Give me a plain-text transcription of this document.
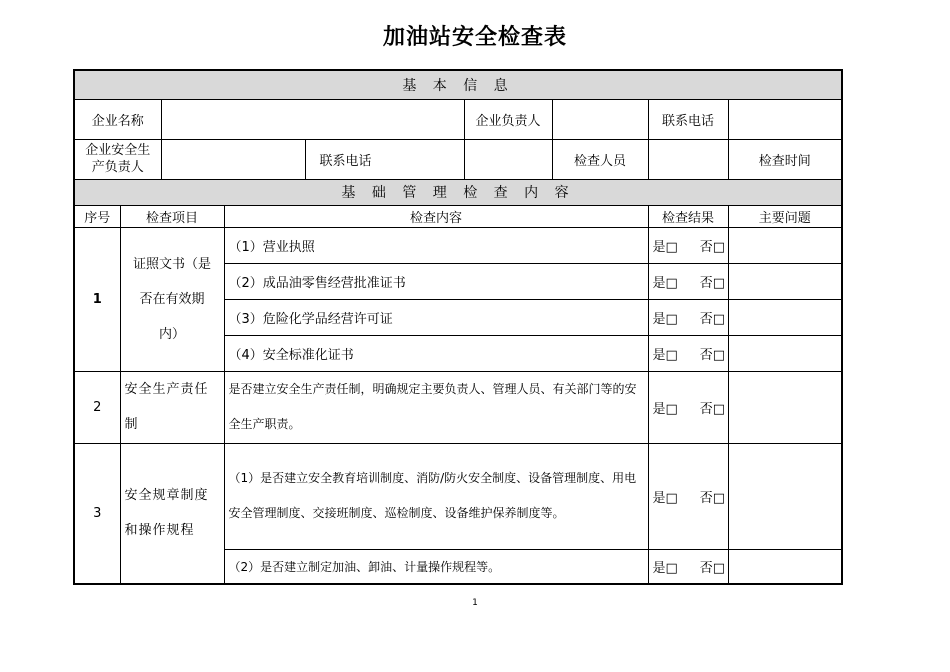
加油站安全检查表
基 本 信 息								
企业名称					企业负责人		联系电话	
企业安全生产负责人				联系电话		检查人员		检查时间
基 础 管 理 检 查 内 容								
序号	检查项目		检查内容				检查结果	主要问题
1	证照文书（是否在有效期内）		（1）营业执照				是□ 否□	
			（2）成品油零售经营批准证书				是□ 否□	
			（3）危险化学品经营许可证				是□ 否□	
			（4）安全标准化证书				是□ 否□	
2	安全生产责任制		是否建立安全生产责任制，明确规定主要负责人、管理人员、有关部门等的安全生产职责。				是□ 否□	
3	安全规章制度和操作规程		（1）是否建立安全教育培训制度、消防/防火安全制度、设备管理制度、用电安全管理制度、交接班制度、巡检制度、设备维护保养制度等。				是□ 否□	
			（2）是否建立制定加油、卸油、计量操作规程等。				是□ 否□	
1
